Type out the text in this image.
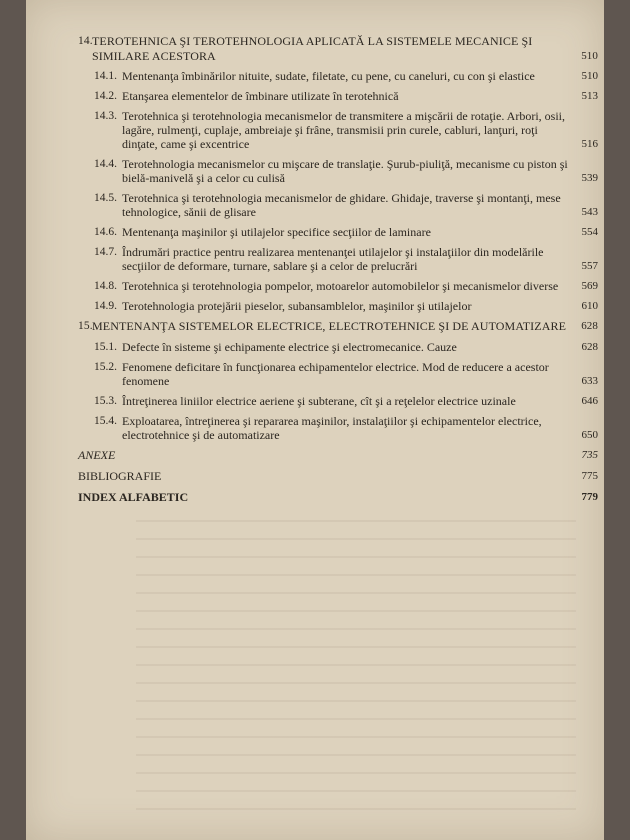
14. TEROTEHNICA ŞI TEROTEHNOLOGIA APLICATĂ LA SISTEMELE MECANICE ŞI SIMILARE ACESTORA	510
14.1. Mentenanţa îmbinărilor nituite, sudate, filetate, cu pene, cu caneluri, cu con şi elastice	510
14.2. Etanşarea elementelor de îmbinare utilizate în terotehnică	513
14.3. Terotehnica şi terotehnologia mecanismelor de transmitere a mişcării de rotaţie. Arbori, osii, lagăre, rulmenţi, cuplaje, ambreiaje şi frâne, transmisii prin curele, cabluri, lanţuri, roţi dinţate, came şi excentrice	516
14.4. Terotehnologia mecanismelor cu mişcare de translaţie. Şurub-piuliţă, mecanisme cu piston şi bielă-manivelă şi a celor cu culisă	539
14.5. Terotehnica şi terotehnologia mecanismelor de ghidare. Ghidaje, traverse şi montanţi, mese tehnologice, sănii de glisare	543
14.6. Mentenanţa maşinilor şi utilajelor specifice secţiilor de laminare	554
14.7. Îndrumări practice pentru realizarea mentenanţei utilajelor şi instalaţiilor din modelările secţiilor de deformare, turnare, sablare şi a celor de prelucrări	557
14.8. Terotehnica şi terotehnologia pompelor, motoarelor automobilelor şi mecanismelor diverse 569
14.9. Terotehnologia protejării pieselor, subansamblelor, maşinilor şi utilajelor	610
15. MENTENANŢA SISTEMELOR ELECTRICE, ELECTROTEHNICE ŞI DE AUTOMATIZARE	628
15.1. Defecte în sisteme şi echipamente electrice şi electromecanice. Cauze	628
15.2. Fenomene deficitare în funcţionarea echipamentelor electrice. Mod de reducere a acestor fenomene	633
15.3. Întreţinerea liniilor electrice aeriene şi subterane, cît şi a reţelelor electrice uzinale	646
15.4. Exploatarea, întreţinerea şi repararea maşinilor, instalaţiilor şi echipamentelor electrice, electrotehnice şi de automatizare	650
ANEXE	735
BIBLIOGRAFIE	775
INDEX ALFABETIC	779
